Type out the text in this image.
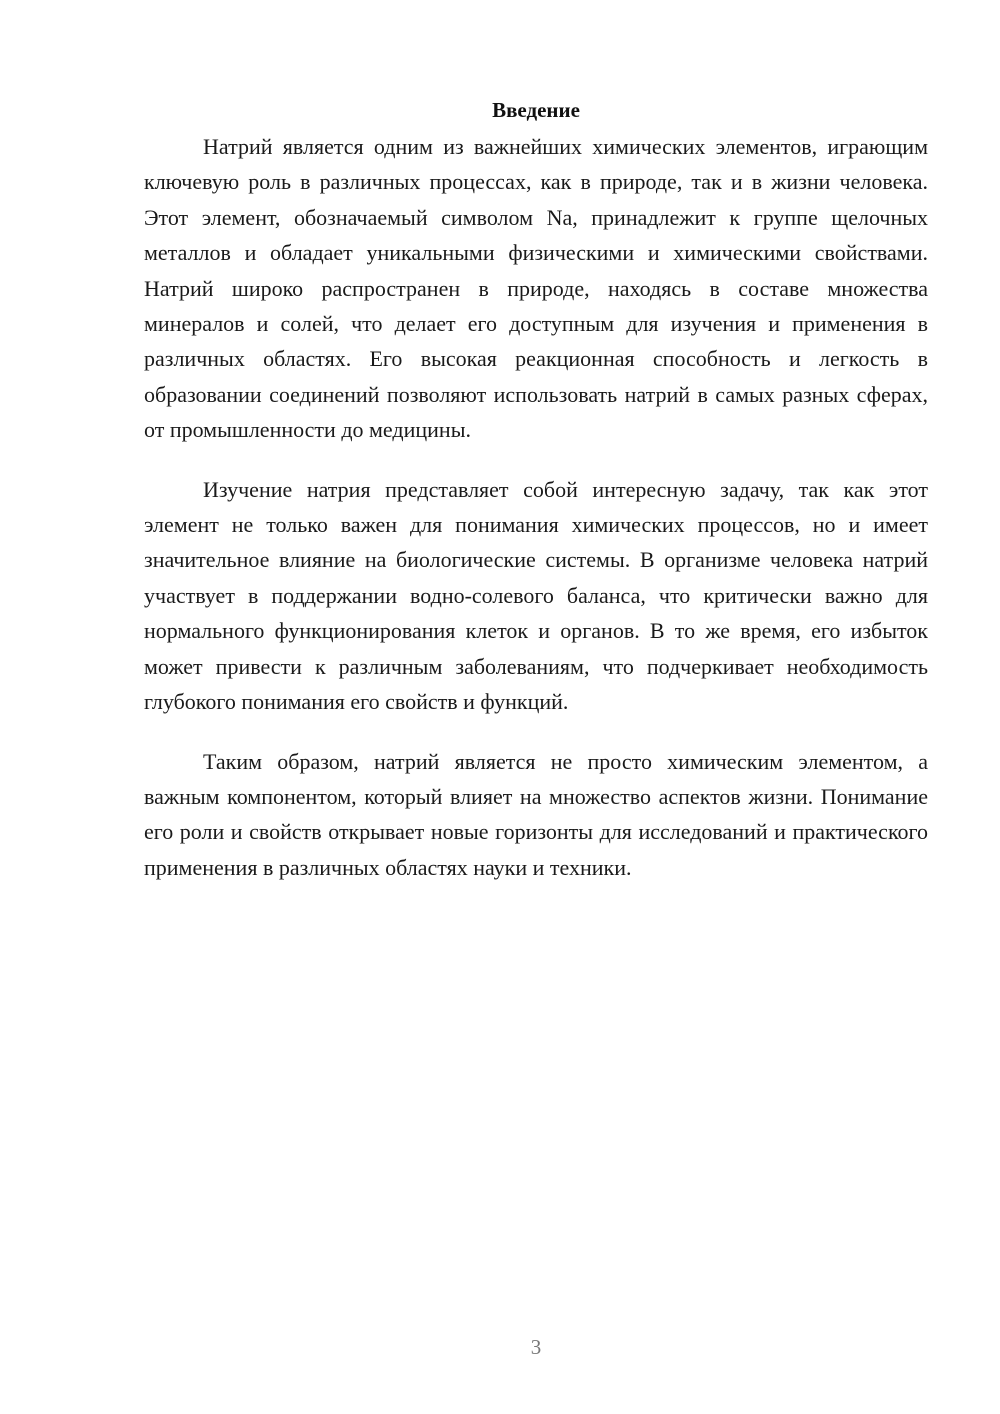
Введение

Натрий является одним из важнейших химических элементов, играющим ключевую роль в различных процессах, как в природе, так и в жизни человека. Этот элемент, обозначаемый символом Na, принадлежит к группе щелочных металлов и обладает уникальными физическими и химическими свойствами. Натрий широко распространен в природе, находясь в составе множества минералов и солей, что делает его доступным для изучения и применения в различных областях. Его высокая реакционная способность и легкость в образовании соединений позволяют использовать натрий в самых разных сферах, от промышленности до медицины.

Изучение натрия представляет собой интересную задачу, так как этот элемент не только важен для понимания химических процессов, но и имеет значительное влияние на биологические системы. В организме человека натрий участвует в поддержании водно-солевого баланса, что критически важно для нормального функционирования клеток и органов. В то же время, его избыток может привести к различным заболеваниям, что подчеркивает необходимость глубокого понимания его свойств и функций.

Таким образом, натрий является не просто химическим элементом, а важным компонентом, который влияет на множество аспектов жизни. Понимание его роли и свойств открывает новые горизонты для исследований и практического применения в различных областях науки и техники.

3
